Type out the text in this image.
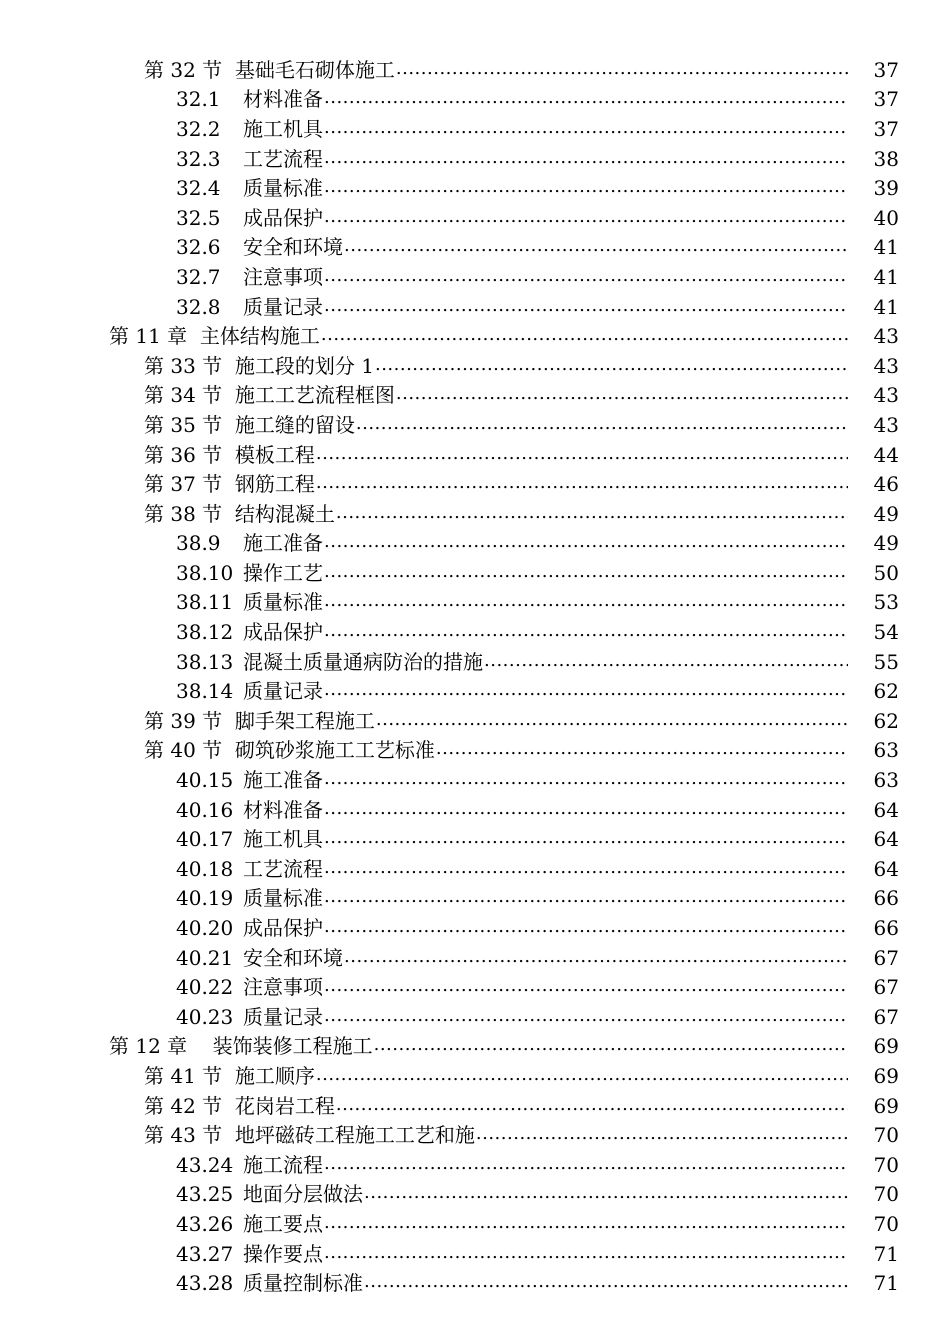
第 32 节  基础毛石砌体施工 .....	37
32.1 材料准备 .....	37
32.2 施工机具 .....	37
32.3 工艺流程 .....	38
32.4 质量标准 .....	39
32.5 成品保护 .....	40
32.6 安全和环境 .....	41
32.7 注意事项 .....	41
32.8 质量记录 .....	41
第 11 章  主体结构施工 .....	43
第 33 节  施工段的划分 1 .....	43
第 34 节  施工工艺流程框图 .....	43
第 35 节  施工缝的留设 .....	43
第 36 节  模板工程 .....	44
第 37 节  钢筋工程 .....	46
第 38 节  结构混凝土 .....	49
38.9 施工准备 .....	49
38.10 操作工艺 .....	50
38.11 质量标准 .....	53
38.12 成品保护 .....	54
38.13 混凝土质量通病防治的措施 .....	55
38.14 质量记录 .....	62
第 39 节  脚手架工程施工 .....	62
第 40 节  砌筑砂浆施工工艺标准 .....	63
40.15 施工准备 .....	63
40.16 材料准备 .....	64
40.17 施工机具 .....	64
40.18 工艺流程 .....	64
40.19 质量标准 .....	66
40.20 成品保护 .....	66
40.21 安全和环境 .....	67
40.22 注意事项 .....	67
40.23 质量记录 .....	67
第 12 章    装饰装修工程施工 .....	69
第 41 节  施工顺序 .....	69
第 42 节  花岗岩工程 .....	69
第 43 节  地坪磁砖工程施工工艺和施 .....	70
43.24 施工流程 .....	70
43.25 地面分层做法 .....	70
43.26 施工要点 .....	70
43.27 操作要点 .....	71
43.28 质量控制标准 .....	71
